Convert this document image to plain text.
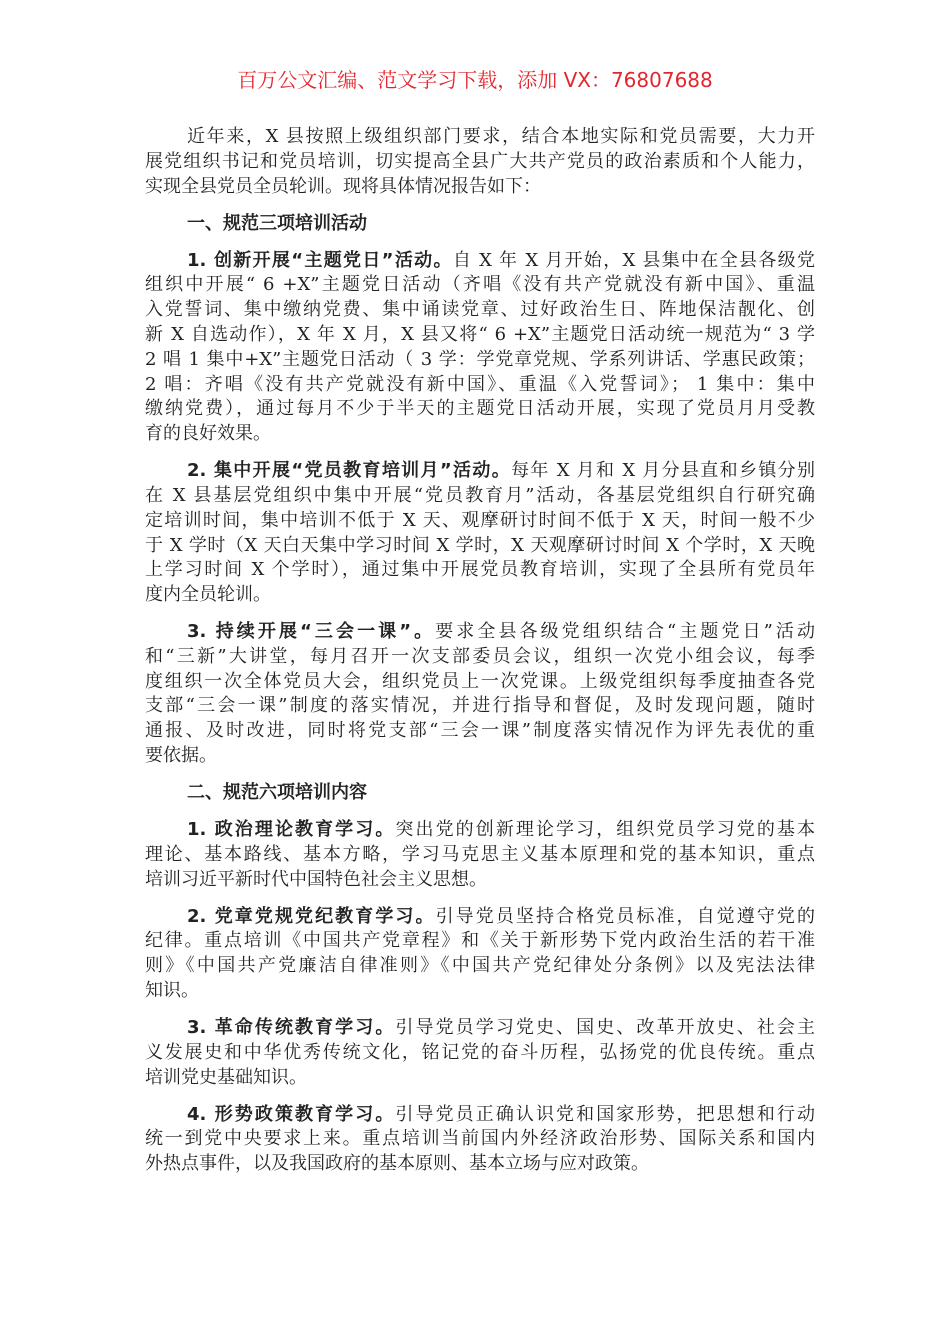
百万公文汇编、范文学习下载，添加 VX：76807688
近年来，X 县按照上级组织部门要求，结合本地实际和党员需要，大力开
展党组织书记和党员培训，切实提高全县广大共产党员的政治素质和个人能力，
实现全县党员全员轮训。现将具体情况报告如下：
一、规范三项培训活动
1. 创新开展“主题党日”活动。自 X 年 X 月开始，X 县集中在全县各级党
组织中开展“ 6 +X”主题党日活动（齐唱《没有共产党就没有新中国》、重温
入党誓词、集中缴纳党费、集中诵读党章、过好政治生日、阵地保洁靓化、创
新 X 自选动作），X 年 X 月，X 县又将“ 6 +X”主题党日活动统一规范为“ 3 学
2 唱 1 集中+X”主题党日活动（ 3 学：学党章党规、学系列讲话、学惠民政策；
2 唱：齐唱《没有共产党就没有新中国》、重温《入党誓词》； 1 集中：集中
缴纳党费），通过每月不少于半天的主题党日活动开展，实现了党员月月受教
育的良好效果。
2. 集中开展“党员教育培训月”活动。每年 X 月和 X 月分县直和乡镇分别
在 X 县基层党组织中集中开展“党员教育月”活动，各基层党组织自行研究确
定培训时间，集中培训不低于 X 天、观摩研讨时间不低于 X 天，时间一般不少
于 X 学时（X 天白天集中学习时间 X 学时，X 天观摩研讨时间 X 个学时，X 天晚
上学习时间 X 个学时），通过集中开展党员教育培训，实现了全县所有党员年
度内全员轮训。
3. 持续开展“三会一课”。要求全县各级党组织结合“主题党日”活动
和“三新”大讲堂，每月召开一次支部委员会议，组织一次党小组会议，每季
度组织一次全体党员大会，组织党员上一次党课。上级党组织每季度抽查各党
支部“三会一课”制度的落实情况，并进行指导和督促，及时发现问题，随时
通报、及时改进，同时将党支部“三会一课”制度落实情况作为评先表优的重
要依据。
二、规范六项培训内容
1. 政治理论教育学习。突出党的创新理论学习，组织党员学习党的基本
理论、基本路线、基本方略，学习马克思主义基本原理和党的基本知识，重点
培训习近平新时代中国特色社会主义思想。
2. 党章党规党纪教育学习。引导党员坚持合格党员标准，自觉遵守党的
纪律。重点培训《中国共产党章程》和《关于新形势下党内政治生活的若干准
则》《中国共产党廉洁自律准则》《中国共产党纪律处分条例》以及宪法法律
知识。
3. 革命传统教育学习。引导党员学习党史、国史、改革开放史、社会主
义发展史和中华优秀传统文化，铭记党的奋斗历程，弘扬党的优良传统。重点
培训党史基础知识。
4. 形势政策教育学习。引导党员正确认识党和国家形势，把思想和行动
统一到党中央要求上来。重点培训当前国内外经济政治形势、国际关系和国内
外热点事件，以及我国政府的基本原则、基本立场与应对政策。
